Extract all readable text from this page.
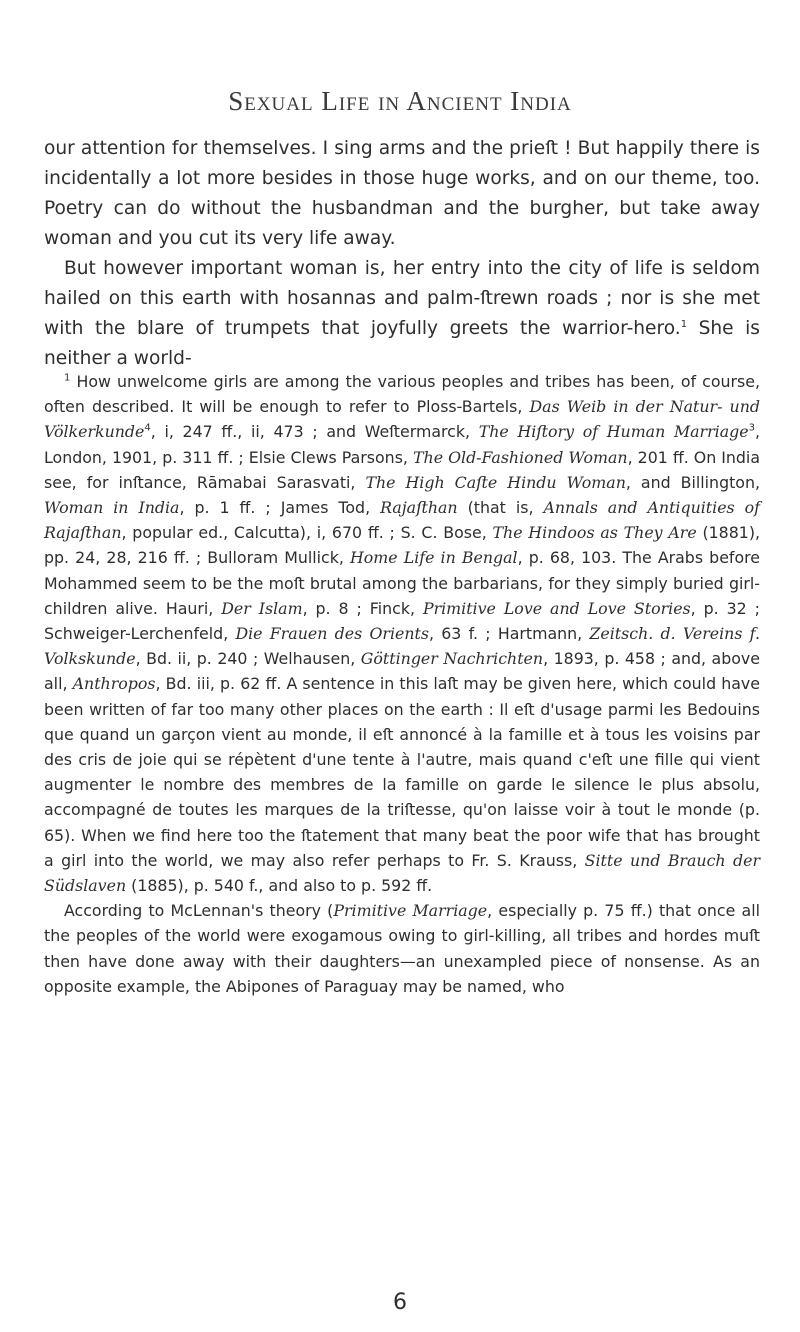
Sexual Life in Ancient India

our attention for themselves. I sing arms and the prieﬅ ! But happily there is incidentally a lot more besides in those huge works, and on our theme, too. Poetry can do without the husbandman and the burgher, but take away woman and you cut its very life away.

But however important woman is, her entry into the city of life is seldom hailed on this earth with hosannas and palm-ﬅrewn roads ; nor is she met with the blare of trumpets that joyfully greets the warrior-hero.$^1$ She is neither a world-

$^1$ How unwelcome girls are among the various peoples and tribes has been, of course, often described. It will be enough to refer to Ploss-Bartels, Das Weib in der Natur- und Völkerkunde$^4$, i, 247 ff., ii, 473 ; and Weﬅermarck, The Hiﬅory of Human Marriage$^3$, London, 1901, p. 311 ff. ; Elsie Clews Parsons, The Old-Fashioned Woman, 201 ff. On India see, for inﬅance, Rāmabai Sarasvati, The High Caﬅe Hindu Woman, and Billington, Woman in India, p. 1 ff. ; James Tod, Rajaﬅhan (that is, Annals and Antiquities of Rajaﬅhan, popular ed., Calcutta), i, 670 ff. ; S. C. Bose, The Hindoos as They Are (1881), pp. 24, 28, 216 ff. ; Bulloram Mullick, Home Life in Bengal, p. 68, 103. The Arabs before Mohammed seem to be the moﬅ brutal among the barbarians, for they simply buried girl-children alive. Hauri, Der Islam, p. 8 ; Finck, Primitive Love and Love Stories, p. 32 ; Schweiger-Lerchenfeld, Die Frauen des Orients, 63 f. ; Hartmann, Zeitsch. d. Vereins f. Volkskunde, Bd. ii, p. 240 ; Welhausen, Göttinger Nachrichten, 1893, p. 458 ; and, above all, Anthropos, Bd. iii, p. 62 ff. A sentence in this laﬅ may be given here, which could have been written of far too many other places on the earth : Il eﬅ d'usage parmi les Bedouins que quand un garçon vient au monde, il eﬅ annoncé à la famille et à tous les voisins par des cris de joie qui se répètent d'une tente à l'autre, mais quand c'eﬅ une fille qui vient augmenter le nombre des membres de la famille on garde le silence le plus absolu, accompagné de toutes les marques de la triﬅesse, qu'on laisse voir à tout le monde (p. 65). When we find here too the ﬅatement that many beat the poor wife that has brought a girl into the world, we may also refer perhaps to Fr. S. Krauss, Sitte und Brauch der Südslaven (1885), p. 540 f., and also to p. 592 ff.

According to McLennan's theory (Primitive Marriage, especially p. 75 ff.) that once all the peoples of the world were exogamous owing to girl-killing, all tribes and hordes muﬅ then have done away with their daughters—an unexampled piece of nonsense. As an opposite example, the Abipones of Paraguay may be named, who

6
